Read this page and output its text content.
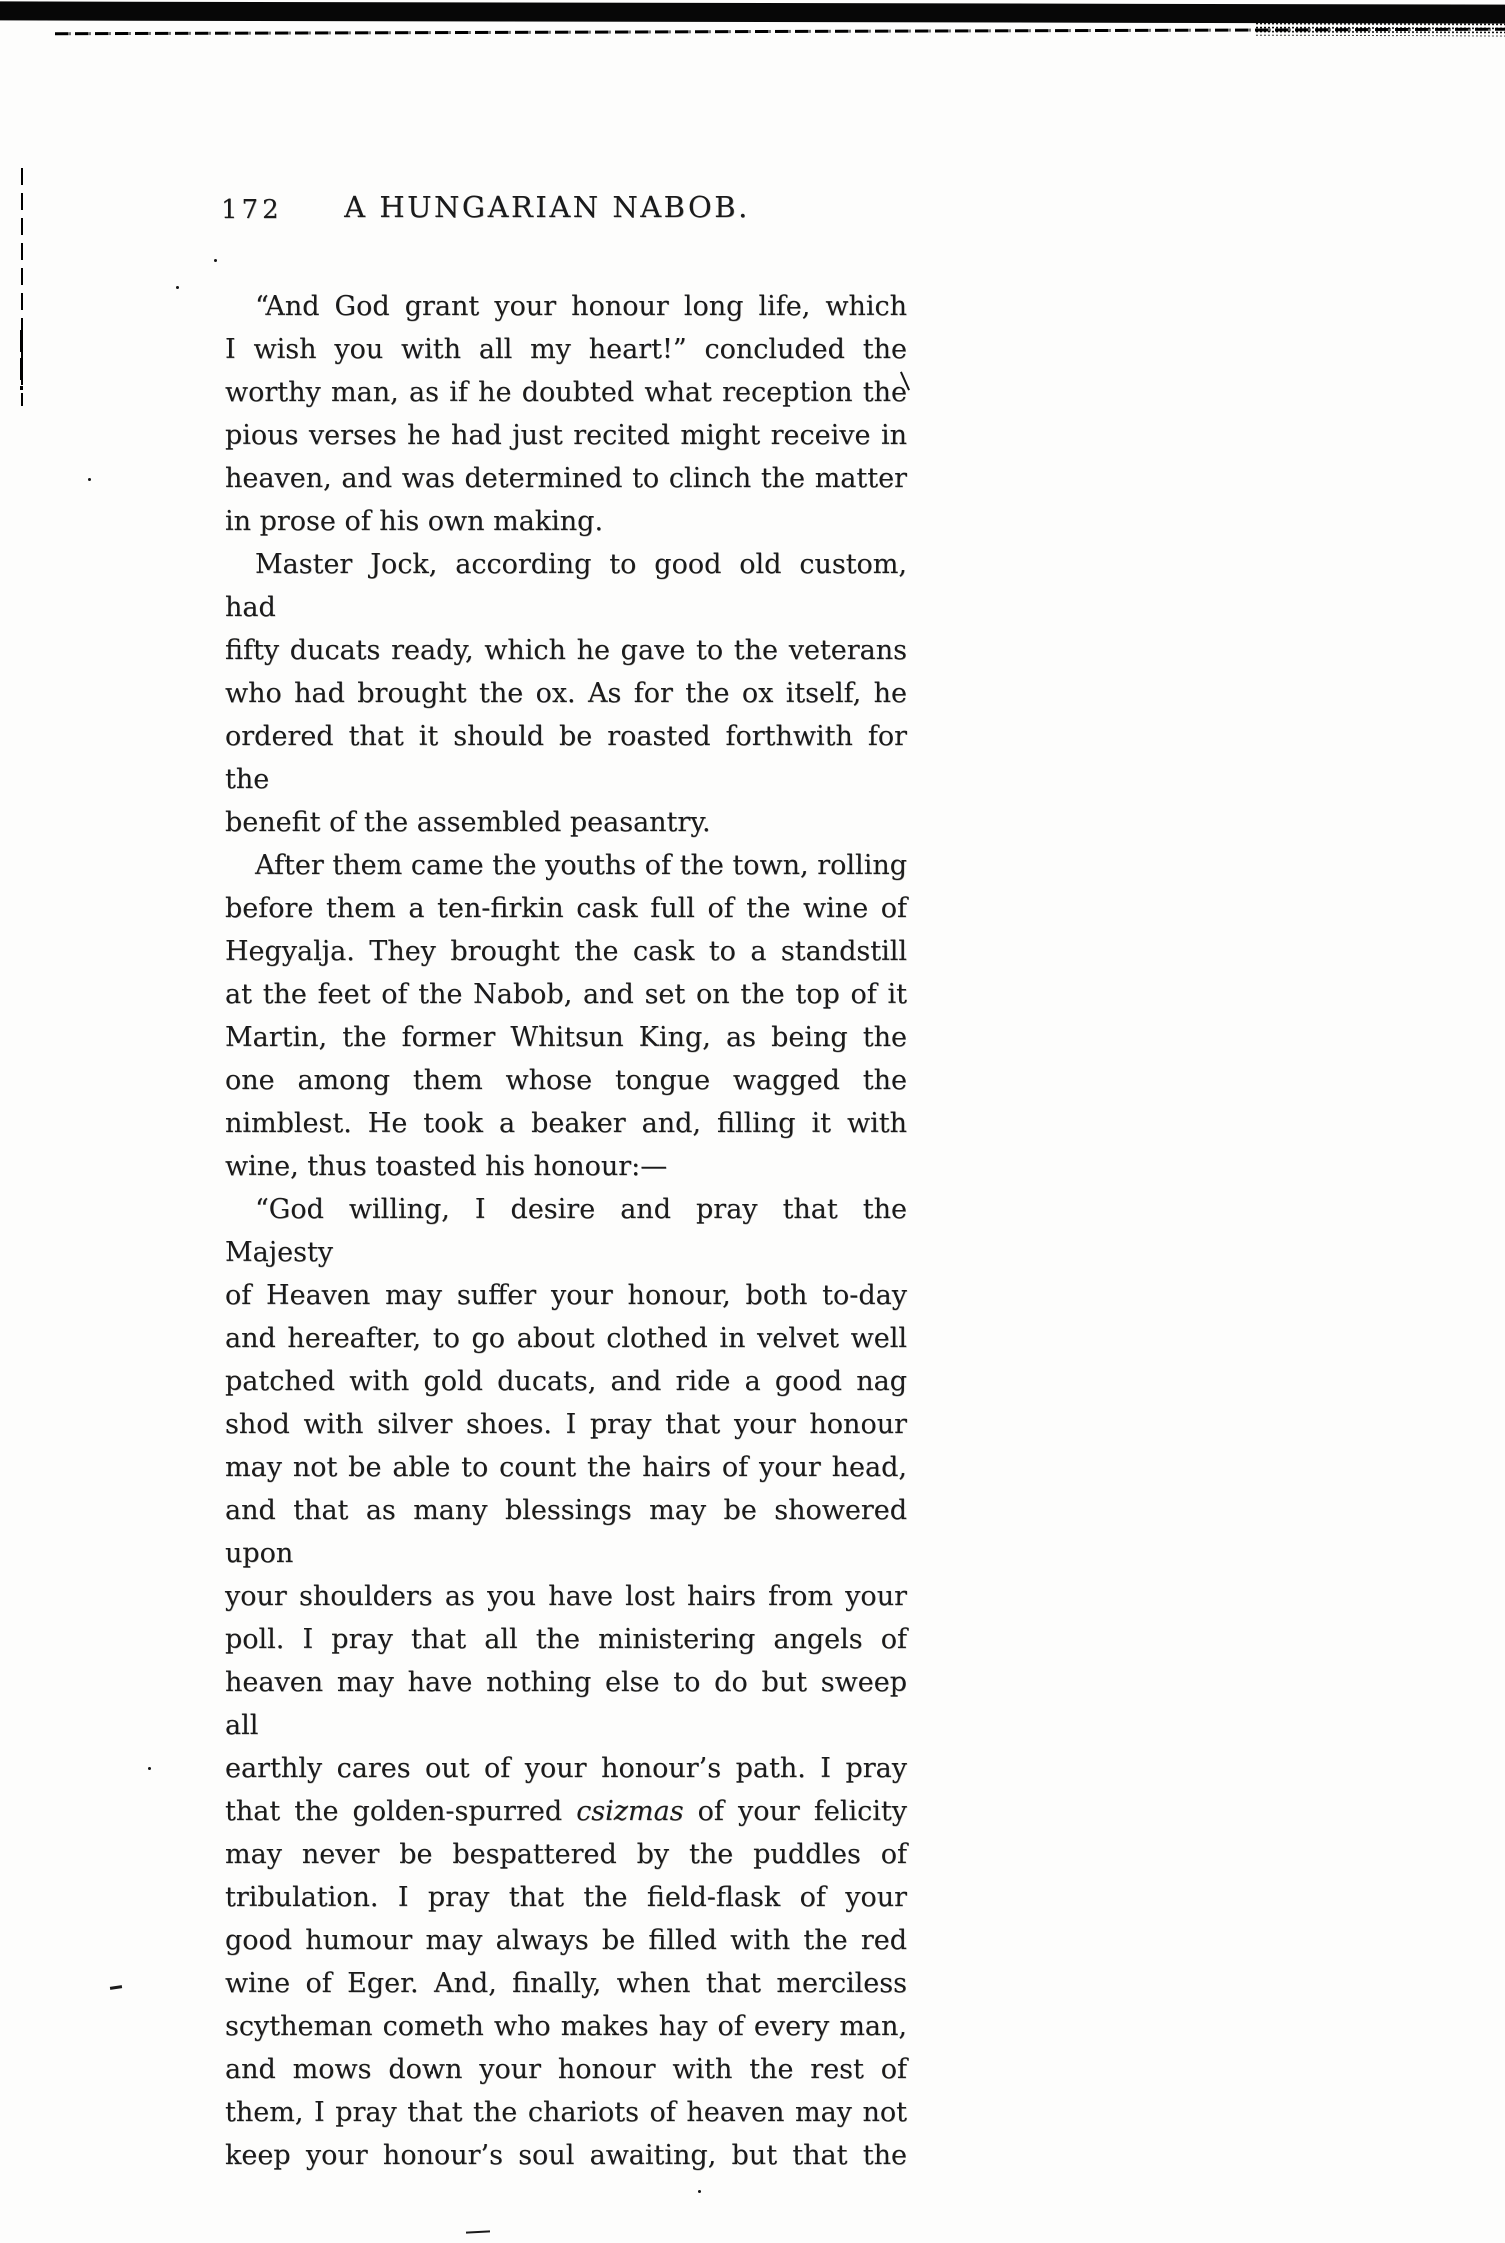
172	A HUNGARIAN NABOB.
“And God grant your honour long life, which
I wish you with all my heart!” concluded the
worthy man, as if he doubted what reception the
pious verses he had just recited might receive in
heaven, and was determined to clinch the matter
in prose of his own making.
Master Jock, according to good old custom, had
fifty ducats ready, which he gave to the veterans
who had brought the ox. As for the ox itself, he
ordered that it should be roasted forthwith for the
benefit of the assembled peasantry.
After them came the youths of the town, rolling
before them a ten-firkin cask full of the wine of
Hegyalja. They brought the cask to a standstill
at the feet of the Nabob, and set on the top of it
Martin, the former Whitsun King, as being the
one among them whose tongue wagged the
nimblest. He took a beaker and, filling it with
wine, thus toasted his honour:—
“God willing, I desire and pray that the Majesty
of Heaven may suffer your honour, both to-day
and hereafter, to go about clothed in velvet well
patched with gold ducats, and ride a good nag
shod with silver shoes. I pray that your honour
may not be able to count the hairs of your head,
and that as many blessings may be showered upon
your shoulders as you have lost hairs from your
poll. I pray that all the ministering angels of
heaven may have nothing else to do but sweep all
earthly cares out of your honour’s path. I pray
that the golden-spurred csizmas of your felicity
may never be bespattered by the puddles of
tribulation. I pray that the field-flask of your
good humour may always be filled with the red
wine of Eger. And, finally, when that merciless
scytheman cometh who makes hay of every man,
and mows down your honour with the rest of
them, I pray that the chariots of heaven may not
keep your honour’s soul awaiting, but that the
